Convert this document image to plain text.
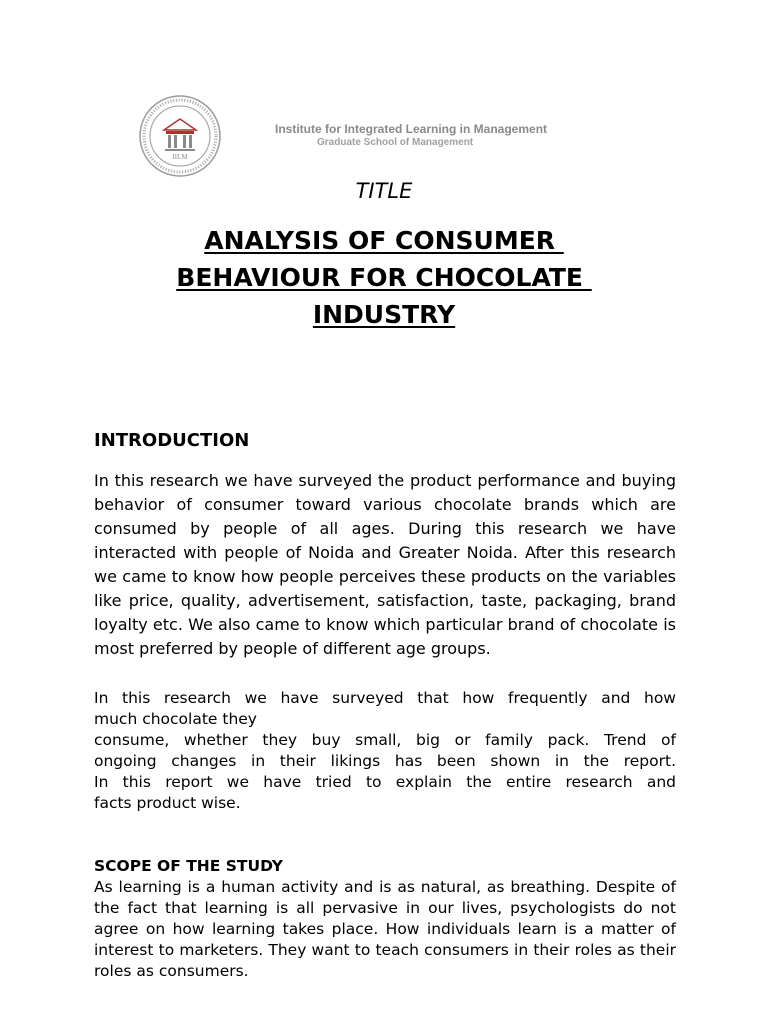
IILM
Institute for Integrated Learning in Management
Graduate School of Management
TITLE
ANALYSIS OF CONSUMER
BEHAVIOUR FOR CHOCOLATE
INDUSTRY
INTRODUCTION
In this research we have surveyed the product performance and buying behavior of consumer toward various chocolate brands which are consumed by people of all ages. During this research we have interacted with people of Noida and Greater Noida. After this research we came to know how people perceives these products on the variables like price, quality, advertisement, satisfaction, taste, packaging, brand loyalty etc. We also came to know which particular brand of chocolate is most preferred by people of different age groups.
In this research we have surveyed that how frequently and how
much chocolate they
consume, whether they buy small, big or family pack. Trend of
ongoing changes in their likings has been shown in the report.
In this report we have tried to explain the entire research and
facts product wise.
SCOPE OF THE STUDY
As learning is a human activity and is as natural, as breathing. Despite of the fact that learning is all pervasive in our lives, psychologists do not agree on how learning takes place. How individuals learn is a matter of interest to marketers. They want to teach consumers in their roles as their roles as consumers.
